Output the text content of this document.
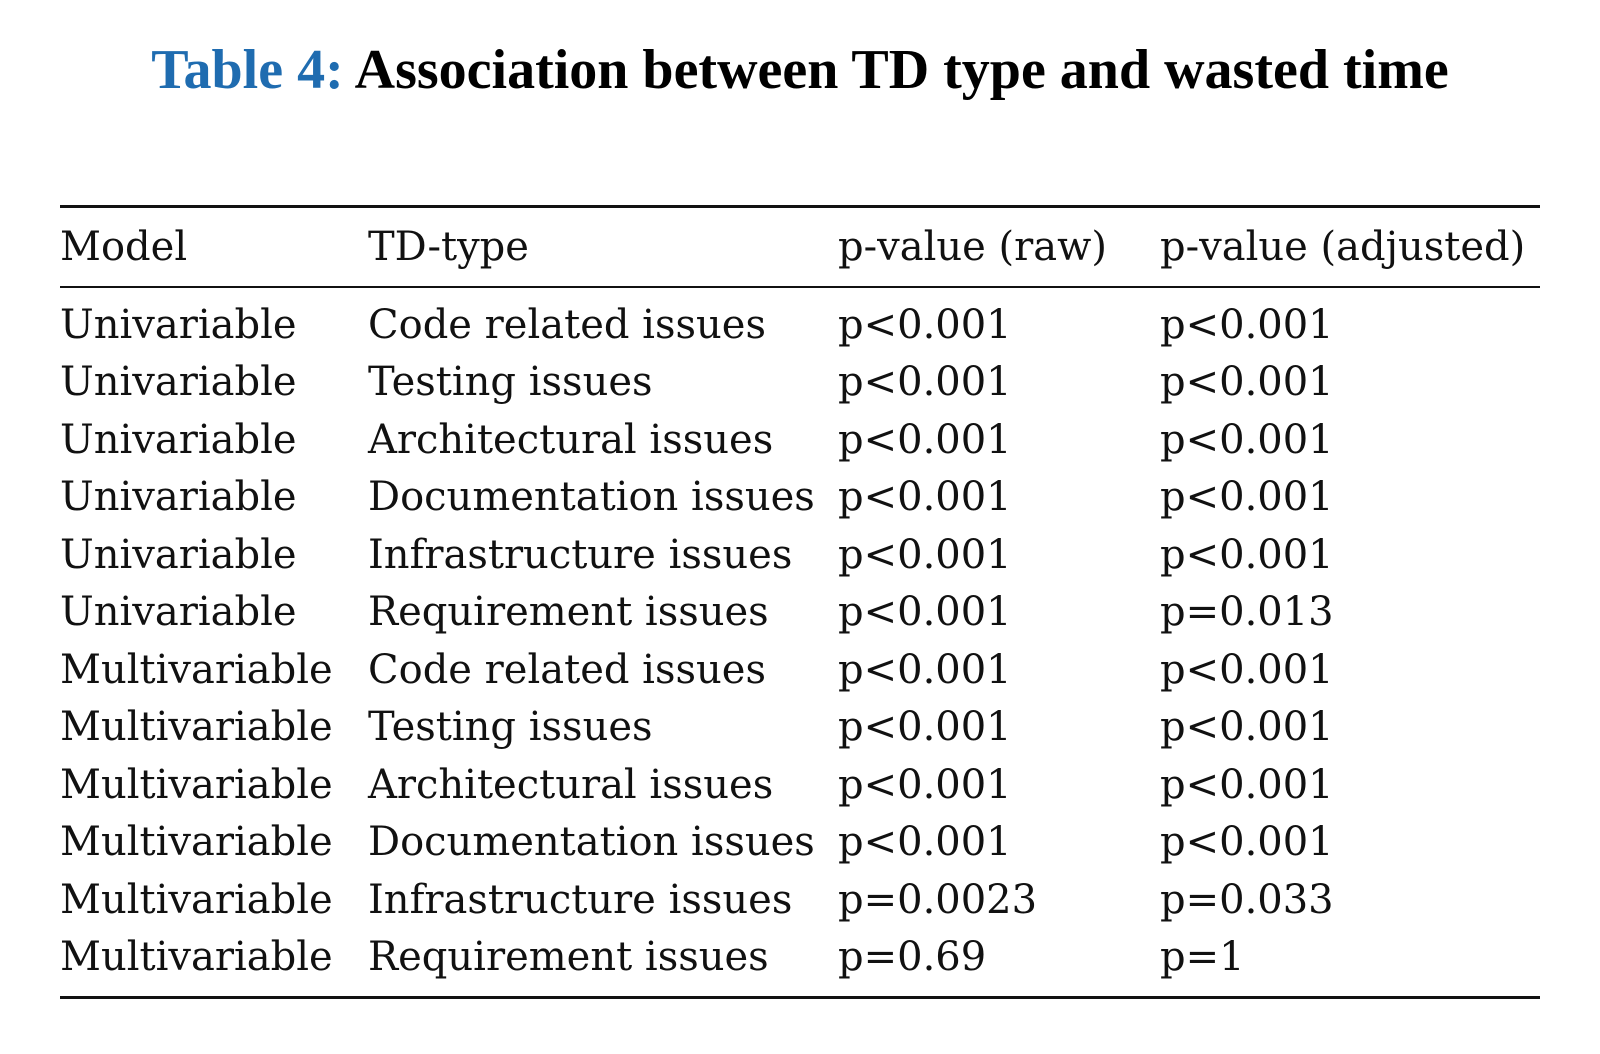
Table 4: Association between TD type and wasted time
Model	TD-type	p-value (raw)	p-value (adjusted)
Univariable	Code related issues	p<0.001	p<0.001
Univariable	Testing issues	p<0.001	p<0.001
Univariable	Architectural issues	p<0.001	p<0.001
Univariable	Documentation issues	p<0.001	p<0.001
Univariable	Infrastructure issues	p<0.001	p<0.001
Univariable	Requirement issues	p<0.001	p=0.013
Multivariable	Code related issues	p<0.001	p<0.001
Multivariable	Testing issues	p<0.001	p<0.001
Multivariable	Architectural issues	p<0.001	p<0.001
Multivariable	Documentation issues	p<0.001	p<0.001
Multivariable	Infrastructure issues	p=0.0023	p=0.033
Multivariable	Requirement issues	p=0.69	p=1
